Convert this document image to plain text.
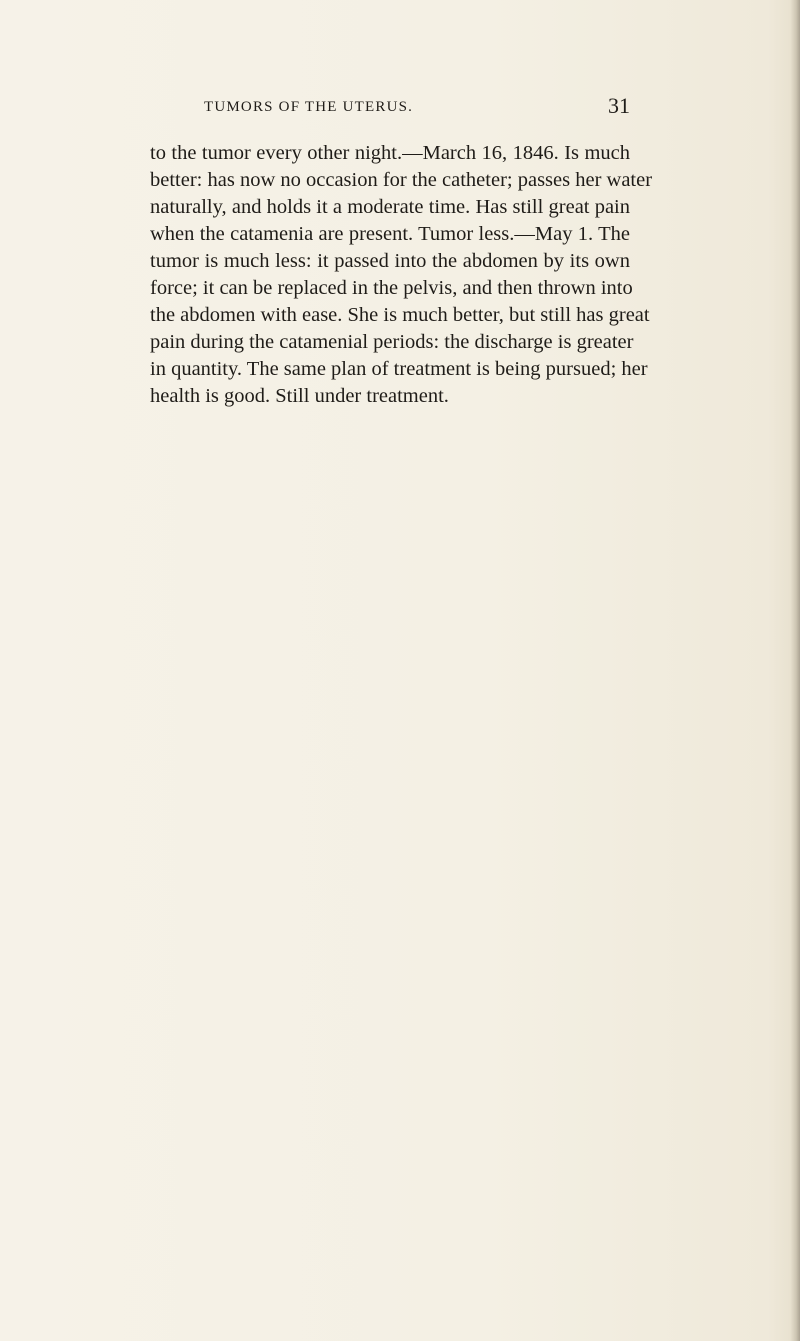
TUMORS OF THE UTERUS.	31
to the tumor every other night.—March 16, 1846. Is much
better: has now no occasion for the catheter; passes her water
naturally, and holds it a moderate time. Has still great pain
when the catamenia are present. Tumor less.—May 1. The
tumor is much less: it passed into the abdomen by its own
force; it can be replaced in the pelvis, and then thrown into
the abdomen with ease. She is much better, but still has great
pain during the catamenial periods: the discharge is greater
in quantity. The same plan of treatment is being pursued; her
health is good. Still under treatment.
